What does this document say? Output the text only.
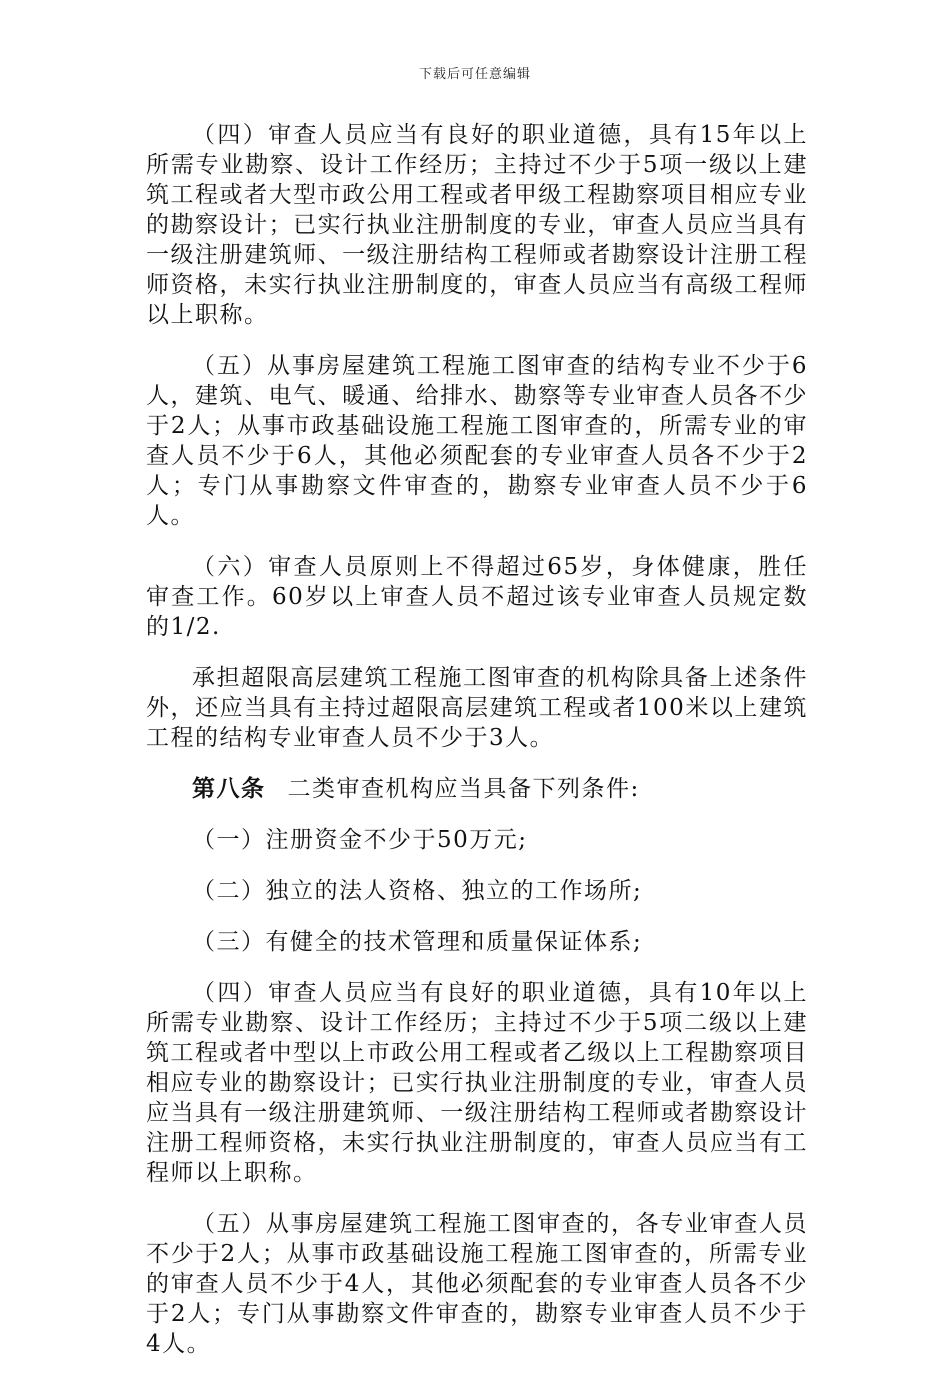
下载后可任意编辑

（四）审查人员应当有良好的职业道德，具有15年以上所需专业勘察、设计工作经历；主持过不少于5项一级以上建筑工程或者大型市政公用工程或者甲级工程勘察项目相应专业的勘察设计；已实行执业注册制度的专业，审查人员应当具有一级注册建筑师、一级注册结构工程师或者勘察设计注册工程师资格，未实行执业注册制度的，审查人员应当有高级工程师以上职称。

（五）从事房屋建筑工程施工图审查的结构专业不少于6人，建筑、电气、暖通、给排水、勘察等专业审查人员各不少于2人；从事市政基础设施工程施工图审查的，所需专业的审查人员不少于6人，其他必须配套的专业审查人员各不少于2人；专门从事勘察文件审查的，勘察专业审查人员不少于6人。

（六）审查人员原则上不得超过65岁，身体健康，胜任审查工作。60岁以上审查人员不超过该专业审查人员规定数的1/2.

承担超限高层建筑工程施工图审查的机构除具备上述条件外，还应当具有主持过超限高层建筑工程或者100米以上建筑工程的结构专业审查人员不少于3人。

第八条 二类审查机构应当具备下列条件:

（一）注册资金不少于50万元;

（二）独立的法人资格、独立的工作场所;

（三）有健全的技术管理和质量保证体系;

（四）审查人员应当有良好的职业道德，具有10年以上所需专业勘察、设计工作经历；主持过不少于5项二级以上建筑工程或者中型以上市政公用工程或者乙级以上工程勘察项目相应专业的勘察设计；已实行执业注册制度的专业，审查人员应当具有一级注册建筑师、一级注册结构工程师或者勘察设计注册工程师资格，未实行执业注册制度的，审查人员应当有工程师以上职称。

（五）从事房屋建筑工程施工图审查的，各专业审查人员不少于2人；从事市政基础设施工程施工图审查的，所需专业的审查人员不少于4人，其他必须配套的专业审查人员各不少于2人；专门从事勘察文件审查的，勘察专业审查人员不少于4人。
